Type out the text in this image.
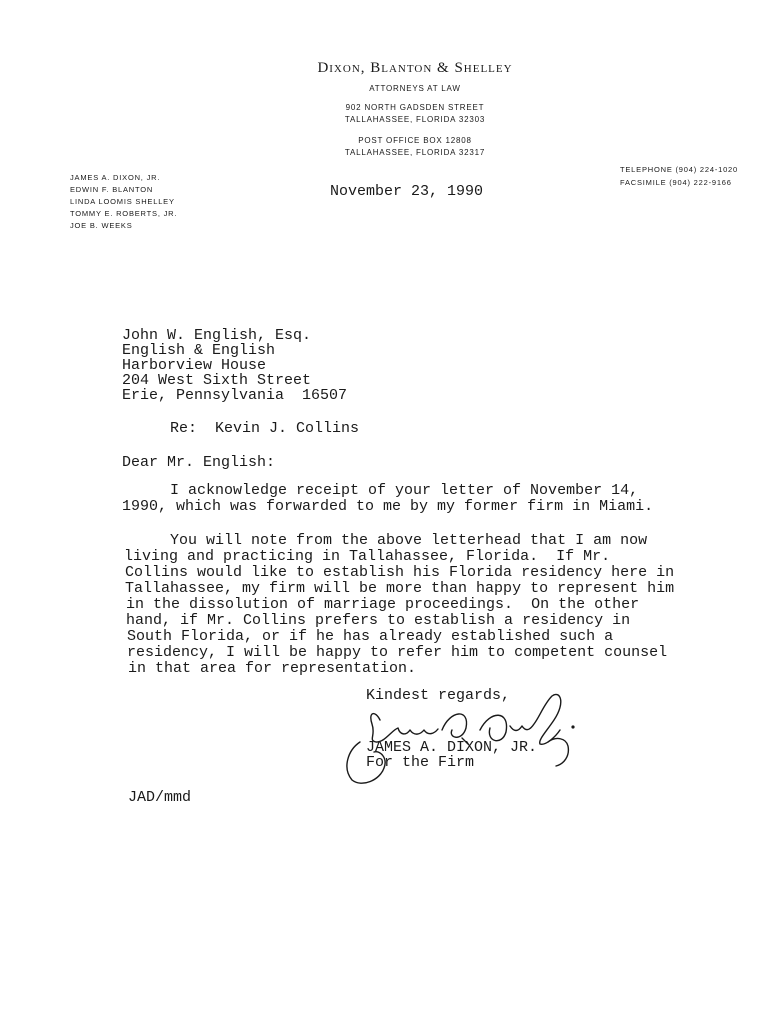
Dixon, Blanton & Shelley
ATTORNEYS AT LAW
902 NORTH GADSDEN STREET
TALLAHASSEE, FLORIDA 32303
POST OFFICE BOX 12808
TALLAHASSEE, FLORIDA 32317
JAMES A. DIXON, JR.
EDWIN F. BLANTON
LINDA LOOMIS SHELLEY
TOMMY E. ROBERTS, JR.
JOE B. WEEKS
TELEPHONE (904) 224-1020
FACSIMILE (904) 222-9166
November 23, 1990
John W. English, Esq.
English & English
Harborview House
204 West Sixth Street
Erie, Pennsylvania  16507
Re:  Kevin J. Collins
Dear Mr. English:
I acknowledge receipt of your letter of November 14,
1990, which was forwarded to me by my former firm in Miami.
You will note from the above letterhead that I am now
living and practicing in Tallahassee, Florida.  If Mr.
Collins would like to establish his Florida residency here in
Tallahassee, my firm will be more than happy to represent him
in the dissolution of marriage proceedings.  On the other
hand, if Mr. Collins prefers to establish a residency in
South Florida, or if he has already established such a
residency, I will be happy to refer him to competent counsel
in that area for representation.
Kindest regards,
JAMES A. DIXON, JR.
For the Firm
JAD/mmd
